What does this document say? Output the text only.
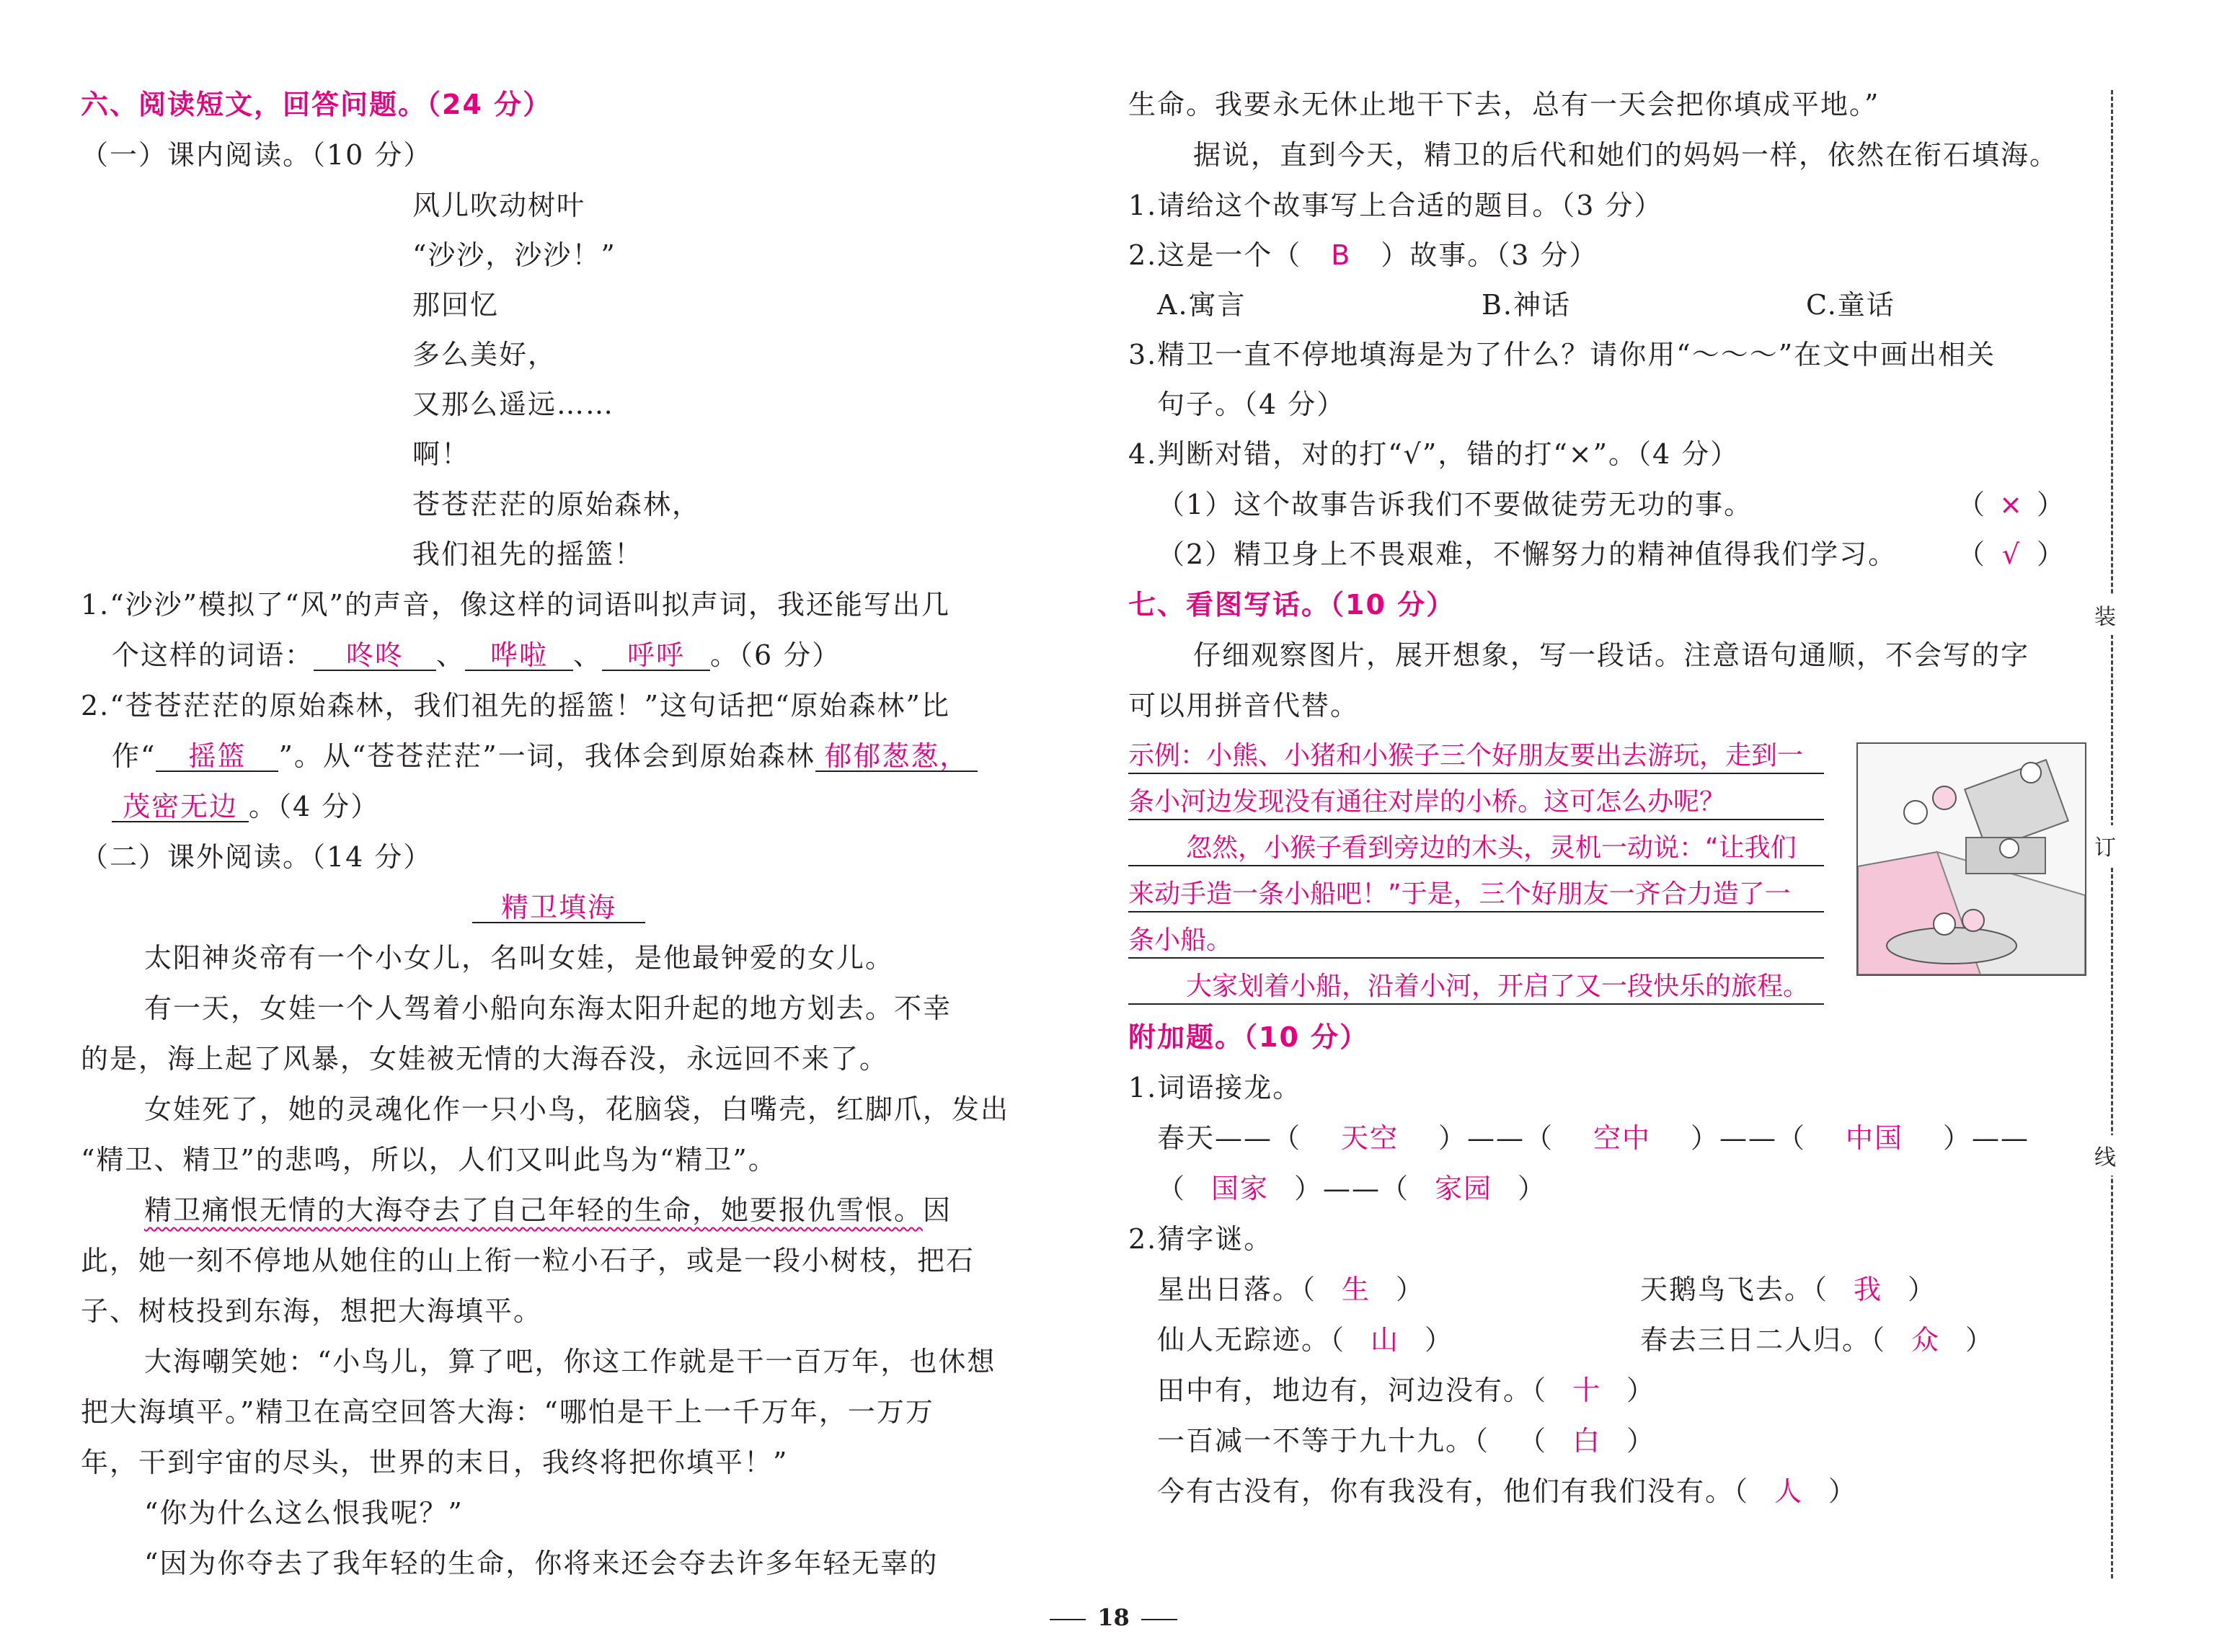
六、阅读短文，回答问题。（24 分）
（一）课内阅读。（10 分）
风儿吹动树叶
“沙沙，沙沙！”
那回忆
多么美好，
又那么遥远……
啊！
苍苍茫茫的原始森林，
我们祖先的摇篮！
1.“沙沙”模拟了“风”的声音，像这样的词语叫拟声词，我还能写出几
个这样的词语： 咚咚 、 哗啦 、 呼呼 。（6 分）
2.“苍苍茫茫的原始森林，我们祖先的摇篮！”这句话把“原始森林”比
作“ 摇篮 ”。从“苍苍茫茫”一词，我体会到原始森林 郁郁葱葱，
茂密无边 。（4 分）
（二）课外阅读。（14 分）
精卫填海
太阳神炎帝有一个小女儿，名叫女娃，是他最钟爱的女儿。
有一天，女娃一个人驾着小船向东海太阳升起的地方划去。不幸
的是，海上起了风暴，女娃被无情的大海吞没，永远回不来了。
女娃死了，她的灵魂化作一只小鸟，花脑袋，白嘴壳，红脚爪，发出
“精卫、精卫”的悲鸣，所以，人们又叫此鸟为“精卫”。
精卫痛恨无情的大海夺去了自己年轻的生命，她要报仇雪恨。因
此，她一刻不停地从她住的山上衔一粒小石子，或是一段小树枝，把石
子、树枝投到东海，想把大海填平。
大海嘲笑她：“小鸟儿，算了吧，你这工作就是干一百万年，也休想
把大海填平。”精卫在高空回答大海：“哪怕是干上一千万年，一万万
年，干到宇宙的尽头，世界的末日，我终将把你填平！”
“你为什么这么恨我呢？”
“因为你夺去了我年轻的生命，你将来还会夺去许多年轻无辜的
生命。我要永无休止地干下去，总有一天会把你填成平地。”
据说，直到今天，精卫的后代和她们的妈妈一样，依然在衔石填海。
1.请给这个故事写上合适的题目。（3 分）
2.这是一个（ B ）故事。（3 分）
A.寓言	B.神话	C.童话
3.精卫一直不停地填海是为了什么？请你用“～～～”在文中画出相关
句子。（4 分）
4.判断对错，对的打“√”，错的打“×”。（4 分）
（1）这个故事告诉我们不要做徒劳无功的事。	（ × ）
（2）精卫身上不畏艰难，不懈努力的精神值得我们学习。 （ √ ）
七、看图写话。（10 分）
仔细观察图片，展开想象，写一段话。注意语句通顺，不会写的字
可以用拼音代替。
示例：小熊、小猪和小猴子三个好朋友要出去游玩，走到一
条小河边发现没有通往对岸的小桥。这可怎么办呢？
忽然，小猴子看到旁边的木头，灵机一动说：“让我们
来动手造一条小船吧！”于是，三个好朋友一齐合力造了一
条小船。
大家划着小船，沿着小河，开启了又一段快乐的旅程。
附加题。（10 分）
1.词语接龙。
春天——（ 天空 ）——（ 空中 ）——（ 中国 ）——
（ 国家 ）——（ 家园 ）
2.猜字谜。
星出日落。（ 生 ）	天鹅鸟飞去。（ 我 ）
仙人无踪迹。（ 山 ）	春去三日二人归。（ 众 ）
田中有，地边有，河边没有。（ 十 ）
一百减一不等于九十九。（ （ 白 ）
今有古没有，你有我没有，他们有我们没有。（ 人 ）
装
订
线
18
